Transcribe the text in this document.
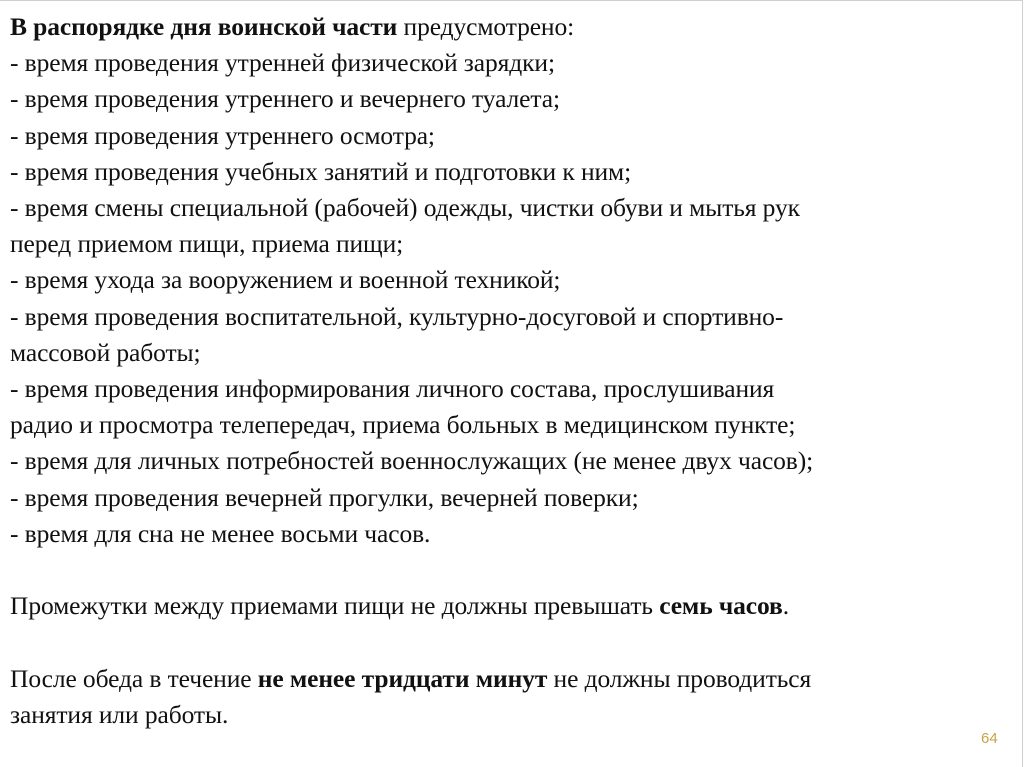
В распорядке дня воинской части предусмотрено:
- время проведения утренней физической зарядки;
- время проведения утреннего и вечернего туалета;
- время проведения утреннего осмотра;
- время проведения учебных занятий и подготовки к ним;
- время смены специальной (рабочей) одежды, чистки обуви и мытья рук
перед приемом пищи, приема пищи;
- время ухода за вооружением и военной техникой;
- время проведения воспитательной, культурно-досуговой и спортивно-
массовой работы;
- время проведения информирования личного состава, прослушивания
радио и просмотра телепередач, приема больных в медицинском пункте;
- время для личных потребностей военнослужащих (не менее двух часов);
- время проведения вечерней прогулки, вечерней поверки;
- время для сна не менее восьми часов.
Промежутки между приемами пищи не должны превышать семь часов.
После обеда в течение не менее тридцати минут не должны проводиться
занятия или работы.
64
